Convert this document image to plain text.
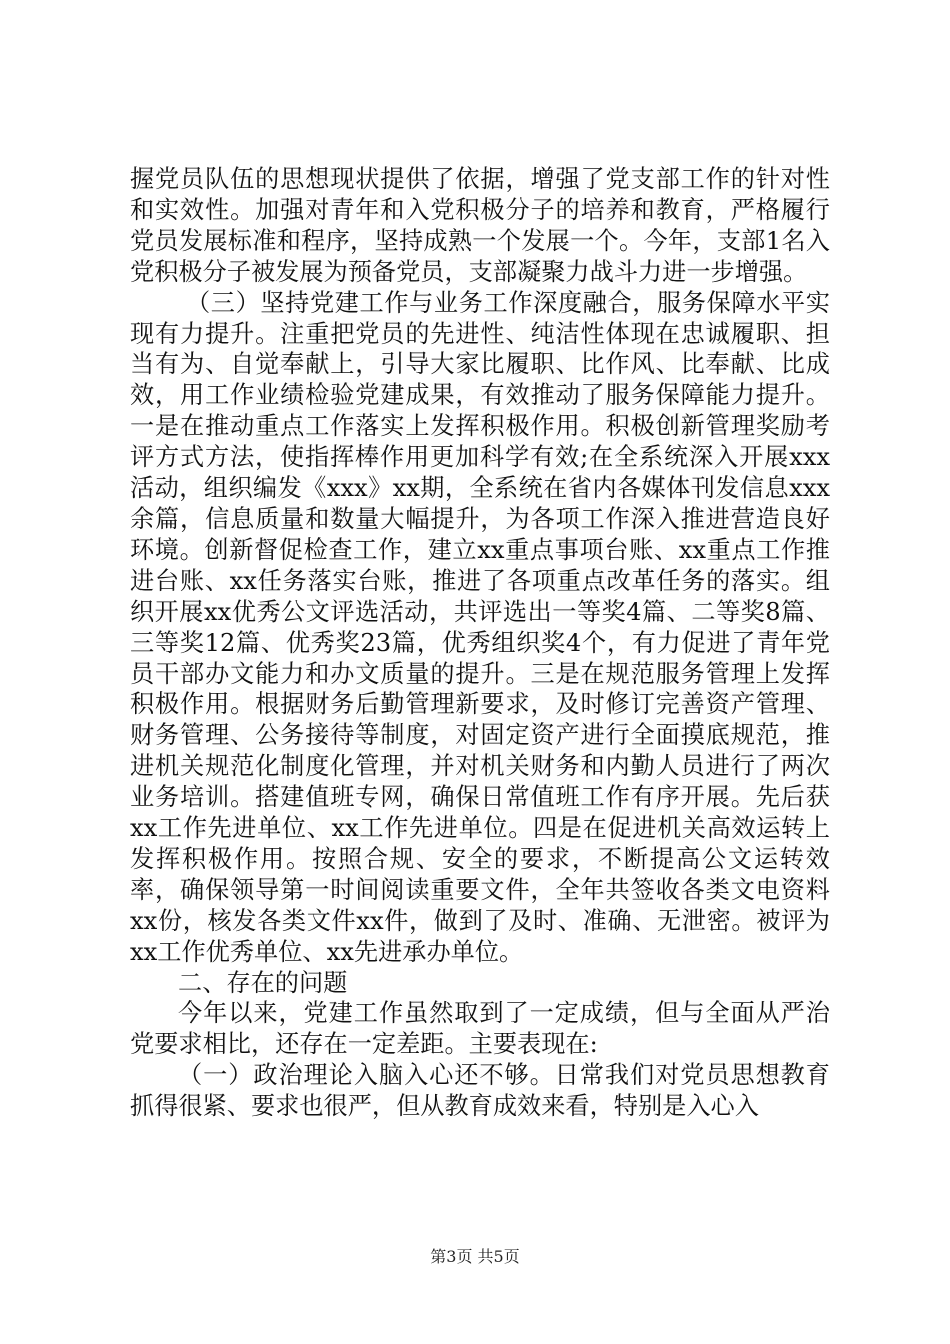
握党员队伍的思想现状提供了依据，增强了党支部工作的针对性和实效性。加强对青年和入党积极分子的培养和教育，严格履行党员发展标准和程序，坚持成熟一个发展一个。今年，支部1名入党积极分子被发展为预备党员，支部凝聚力战斗力进一步增强。

（三）坚持党建工作与业务工作深度融合，服务保障水平实现有力提升。注重把党员的先进性、纯洁性体现在忠诚履职、担当有为、自觉奉献上，引导大家比履职、比作风、比奉献、比成效，用工作业绩检验党建成果，有效推动了服务保障能力提升。一是在推动重点工作落实上发挥积极作用。积极创新管理奖励考评方式方法，使指挥棒作用更加科学有效;在全系统深入开展xxx活动，组织编发《xxx》xx期，全系统在省内各媒体刊发信息xxx余篇，信息质量和数量大幅提升，为各项工作深入推进营造良好环境。创新督促检查工作，建立xx重点事项台账、xx重点工作推进台账、xx任务落实台账，推进了各项重点改革任务的落实。组织开展xx优秀公文评选活动，共评选出一等奖4篇、二等奖8篇、三等奖12篇、优秀奖23篇，优秀组织奖4个，有力促进了青年党员干部办文能力和办文质量的提升。三是在规范服务管理上发挥积极作用。根据财务后勤管理新要求，及时修订完善资产管理、财务管理、公务接待等制度，对固定资产进行全面摸底规范，推进机关规范化制度化管理，并对机关财务和内勤人员进行了两次业务培训。搭建值班专网，确保日常值班工作有序开展。先后获xx工作先进单位、xx工作先进单位。四是在促进机关高效运转上发挥积极作用。按照合规、安全的要求，不断提高公文运转效率，确保领导第一时间阅读重要文件，全年共签收各类文电资料xx份，核发各类文件xx件，做到了及时、准确、无泄密。被评为xx工作优秀单位、xx先进承办单位。

二、存在的问题

今年以来，党建工作虽然取到了一定成绩，但与全面从严治党要求相比，还存在一定差距。主要表现在:

（一）政治理论入脑入心还不够。日常我们对党员思想教育抓得很紧、要求也很严，但从教育成效来看，特别是入心入

第3页 共5页
